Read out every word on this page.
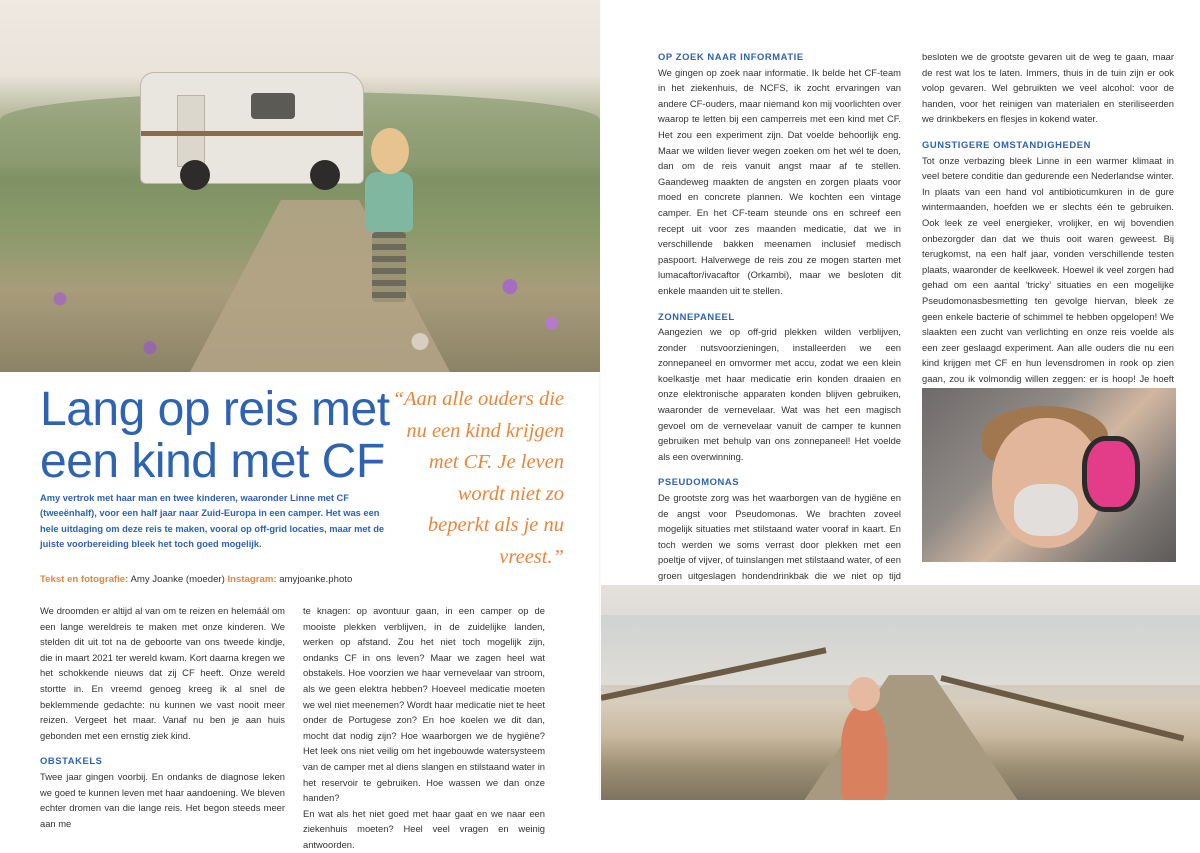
Lang op reis met een kind met CF

Amy vertrok met haar man en twee kinderen, waaronder Linne met CF (tweeënhalf), voor een half jaar naar Zuid-Europa in een camper. Het was een hele uitdaging om deze reis te maken, vooral op off-grid locaties, maar met de juiste voorbereiding bleek het toch goed mogelijk.

Tekst en fotografie: Amy Joanke (moeder) Instagram: amyjoanke.photo

“Aan alle ouders die nu een kind krijgen met CF. Je leven wordt niet zo beperkt als je nu vreest.”

We droomden er altijd al van om te reizen en helemáál om een lange wereldreis te maken met onze kinderen. We stelden dit uit tot na de geboorte van ons tweede kindje, die in maart 2021 ter wereld kwam. Kort daarna kregen we het schokkende nieuws dat zij CF heeft. Onze wereld stortte in. En vreemd genoeg kreeg ik al snel de beklemmende gedachte: nu kunnen we vast nooit meer reizen. Vergeet het maar. Vanaf nu ben je aan huis gebonden met een ernstig ziek kind.

OBSTAKELS

Twee jaar gingen voorbij. En ondanks de diagnose leken we goed te kunnen leven met haar aandoening. We bleven echter dromen van die lange reis. Het begon steeds meer aan me

te knagen: op avontuur gaan, in een camper op de mooiste plekken verblijven, in de zuidelijke landen, werken op afstand. Zou het niet toch mogelijk zijn, ondanks CF in ons leven? Maar we zagen heel wat obstakels. Hoe voorzien we haar vernevelaar van stroom, als we geen elektra hebben? Hoeveel medicatie moeten we wel niet meenemen? Wordt haar medicatie niet te heet onder de Portugese zon? En hoe koelen we dit dan, mocht dat nodig zijn? Hoe waarborgen we de hygiëne? Het leek ons niet veilig om het ingebouwde watersysteem van de camper met al diens slangen en stilstaand water in het reservoir te gebruiken. Hoe wassen we dan onze handen?

En wat als het niet goed met haar gaat en we naar een ziekenhuis moeten? Heel veel vragen en weinig antwoorden.

OP ZOEK NAAR INFORMATIE

We gingen op zoek naar informatie. Ik belde het CF-team in het ziekenhuis, de NCFS, ik zocht ervaringen van andere CF-ouders, maar niemand kon mij voorlichten over waarop te letten bij een camperreis met een kind met CF. Het zou een experiment zijn. Dat voelde behoorlijk eng. Maar we wilden liever wegen zoeken om het wél te doen, dan om de reis vanuit angst maar af te stellen. Gaandeweg maakten de angsten en zorgen plaats voor moed en concrete plannen. We kochten een vintage camper. En het CF-team steunde ons en schreef een recept uit voor zes maanden medicatie, dat we in verschillende bakken meenamen inclusief medisch paspoort. Halverwege de reis zou ze mogen starten met lumacaftor/ivacaftor (Orkambi), maar we besloten dit enkele maanden uit te stellen.

ZONNEPANEEL

Aangezien we op off-grid plekken wilden verblijven, zonder nutsvoorzieningen, installeerden we een zonnepaneel en omvormer met accu, zodat we een klein koelkastje met haar medicatie erin konden draaien en onze elektronische apparaten konden blijven gebruiken, waaronder de vernevelaar. Wat was het een magisch gevoel om de vernevelaar vanuit de camper te kunnen gebruiken met behulp van ons zonnepaneel! Het voelde als een overwinning.

PSEUDOMONAS

De grootste zorg was het waarborgen van de hygiëne en de angst voor Pseudomonas. We brachten zoveel mogelijk situaties met stilstaand water vooraf in kaart. En toch werden we soms verrast door plekken met een poeltje of vijver, of tuinslangen met stilstaand water, of een groen uitgeslagen hondendrinkbak die we niet op tijd

besloten we de grootste gevaren uit de weg te gaan, maar de rest wat los te laten. Immers, thuis in de tuin zijn er ook volop gevaren. Wel gebruikten we veel alcohol: voor de handen, voor het reinigen van materialen en steriliseerden we drinkbekers en flesjes in kokend water.

GUNSTIGERE OMSTANDIGHEDEN

Tot onze verbazing bleek Linne in een warmer klimaat in veel betere conditie dan gedurende een Nederlandse winter. In plaats van een hand vol antibioticumkuren in de gure wintermaanden, hoefden we er slechts één te gebruiken. Ook leek ze veel energieker, vrolijker, en wij bovendien onbezorgder dan dat we thuis ooit waren geweest. Bij terugkomst, na een half jaar, vonden verschillende testen plaats, waaronder de keelkweek. Hoewel ik veel zorgen had gehad om een aantal ‘tricky’ situaties en een mogelijke Pseudomonasbesmetting ten gevolge hiervan, bleek ze geen enkele bacterie of schimmel te hebben opgelopen! We slaakten een zucht van verlichting en onze reis voelde als een zeer geslaagd experiment. Aan alle ouders die nu een kind krijgen met CF en hun levensdromen in rook op zien gaan, zou ik volmondig willen zeggen: er is hoop! Je hoeft
